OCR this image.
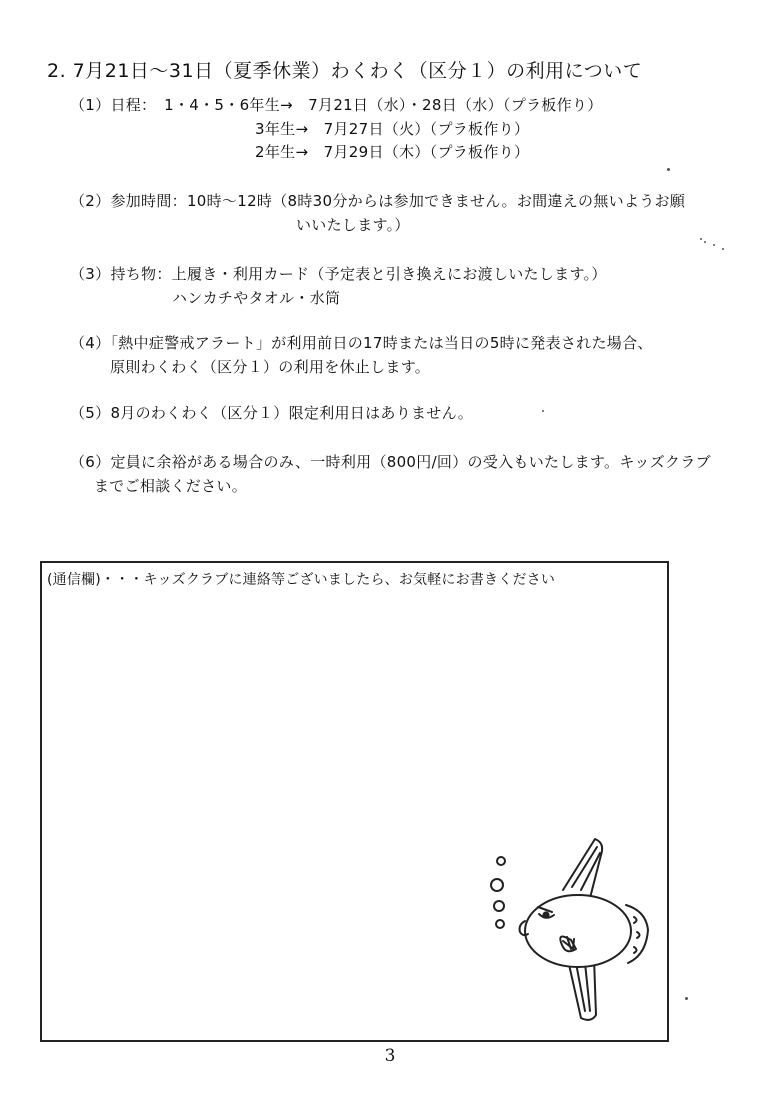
2. 7月21日～31日（夏季休業）わくわく（区分１）の利用について
（1）日程：　1・4・5・6年生→　7月21日（水）・28日（水）（プラ板作り）
3年生→　7月27日（火）（プラ板作り）
2年生→　7月29日（木）（プラ板作り）
（2）参加時間：10時～12時（8時30分からは参加できません。お間違えの無いようお願
いいたします。）
（3）持ち物：上履き・利用カード（予定表と引き換えにお渡しいたします。）
ハンカチやタオル・水筒
（4）「熱中症警戒アラート」が利用前日の17時または当日の5時に発表された場合、
原則わくわく（区分１）の利用を休止します。
（5）8月のわくわく（区分１）限定利用日はありません。
（6）定員に余裕がある場合のみ、一時利用（800円/回）の受入もいたします。キッズクラブ
までご相談ください。
(通信欄)・・・キッズクラブに連絡等ございましたら、お気軽にお書きください
3
